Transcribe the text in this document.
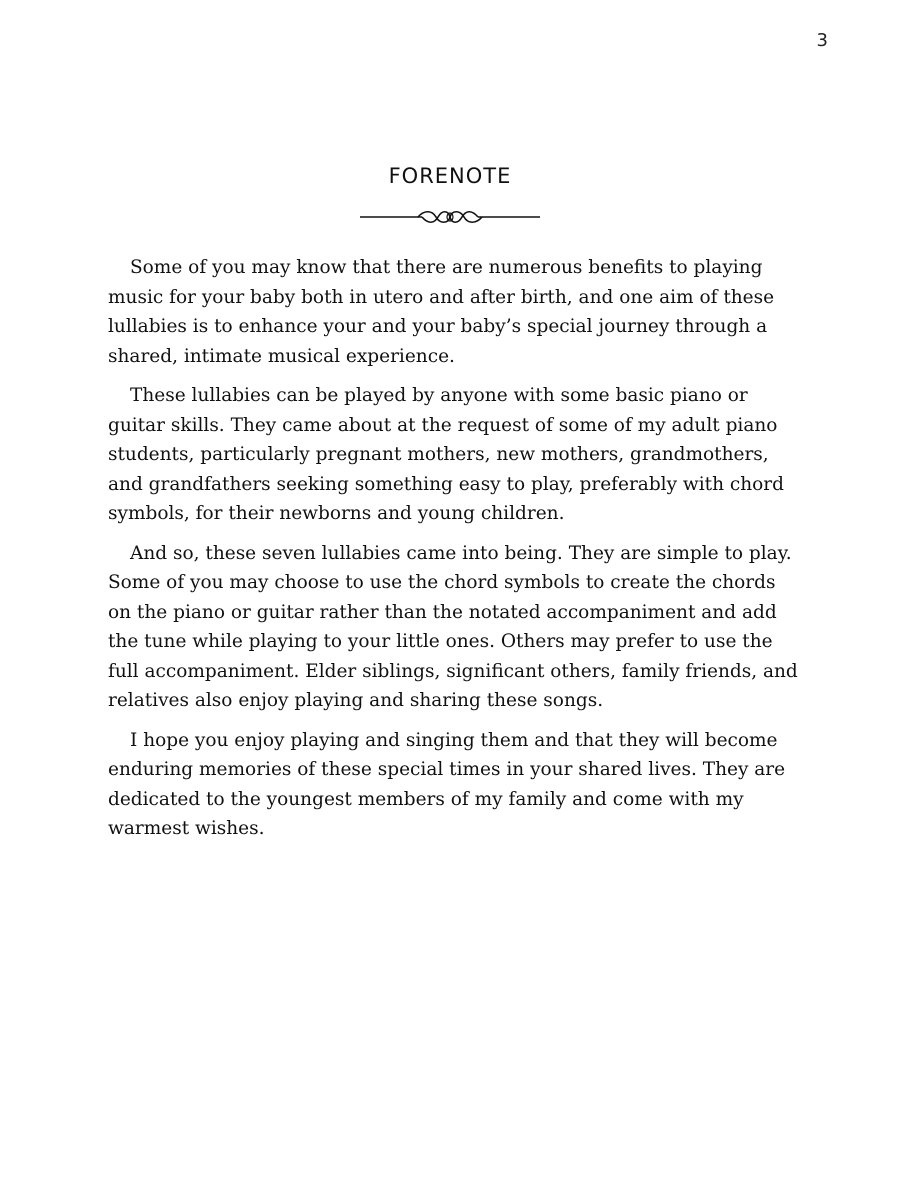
3
FORENOTE

Some of you may know that there are numerous benefits to playing music for your baby both in utero and after birth, and one aim of these lullabies is to enhance your and your baby’s special journey through a shared, intimate musical experience.

These lullabies can be played by anyone with some basic piano or guitar skills. They came about at the request of some of my adult piano students, particularly pregnant mothers, new mothers, grandmothers, and grandfathers seeking something easy to play, preferably with chord symbols, for their newborns and young children.

And so, these seven lullabies came into being. They are simple to play. Some of you may choose to use the chord symbols to create the chords on the piano or guitar rather than the notated accompaniment and add the tune while playing to your little ones. Others may prefer to use the full accompaniment. Elder siblings, significant others, family friends, and relatives also enjoy playing and sharing these songs.

I hope you enjoy playing and singing them and that they will become enduring memories of these special times in your shared lives. They are dedicated to the youngest members of my family and come with my warmest wishes.
